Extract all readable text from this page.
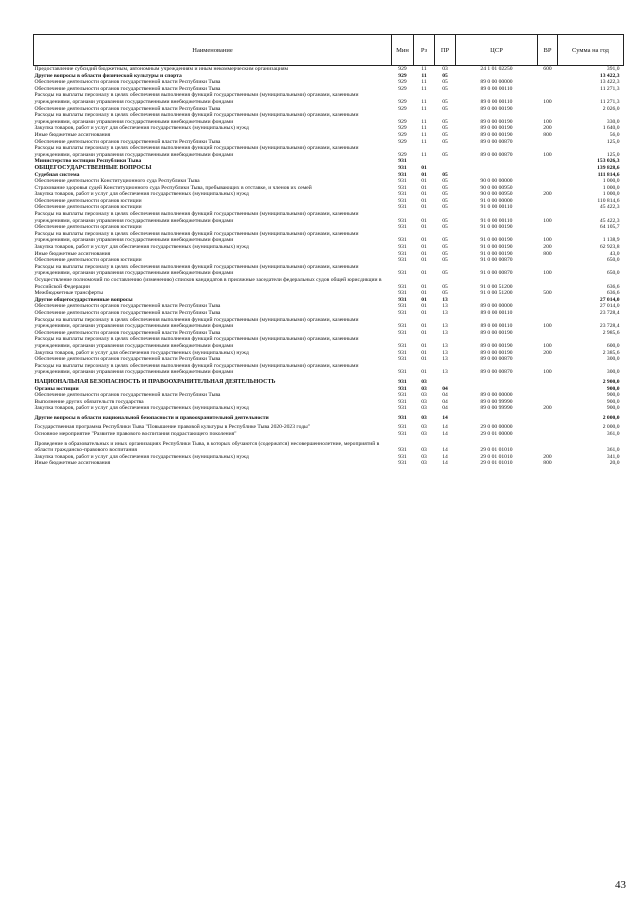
Наименование	Мин	Рз	ПР	ЦСР	ВР	Сумма на год
Предоставление субсидий бюджетным, автономным учреждениям и иным некоммерческим организациям	929	11	03	24 1 01 02250	600	391,0
Другие вопросы в области физической культуры и спорта	929	11	05			13 422,3
Обеспечение деятельности органов государственной власти Республики Тыва	929	11	05	89 0 00 00000		13 422,3
Обеспечение деятельности органов государственной власти Республики Тыва	929	11	05	89 0 00 00110		11 271,3
Расходы на выплаты персоналу в целях обеспечения выполнения функций государственными (муниципальными) органами, казенными учреждениями, органами управления государственными внебюджетными фондами	929	11	05	89 0 00 00110	100	11 271,3
Обеспечение деятельности органов государственной власти Республики Тыва	929	11	05	89 0 00 00190		2 026,0
Расходы на выплаты персоналу в целях обеспечения выполнения функций государственными (муниципальными) органами, казенными учреждениями, органами управления государственными внебюджетными фондами	929	11	05	89 0 00 00190	100	330,0
Закупка товаров, работ и услуг для обеспечения государственных (муниципальных) нужд	929	11	05	89 0 00 00190	200	1 640,0
Иные бюджетные ассигнования	929	11	05	89 0 00 00190	800	56,0
Обеспечение деятельности органов государственной власти Республики Тыва	929	11	05	89 0 00 00870		125,0
Расходы на выплаты персоналу в целях обеспечения выполнения функций государственными (муниципальными) органами, казенными учреждениями, органами управления государственными внебюджетными фондами	929	11	05	89 0 00 00870	100	125,0
Министерство юстиции Республики Тыва	931					153 026,3
ОБЩЕГОСУДАРСТВЕННЫЕ ВОПРОСЫ	931	01				139 828,6
Судебная система	931	01	05			111 814,6
Обеспечение деятельности Конституционного суда Республики Тыва	931	01	05	90 0 00 00000		1 000,0
Страхование здоровья судей Конституционного суда Республики Тыва, пребывающих в отставке, и членов их семей	931	01	05	90 0 00 00950		1 000,0
Закупка товаров, работ и услуг для обеспечения государственных (муниципальных) нужд	931	01	05	90 0 00 00950	200	1 000,0
Обеспечение деятельности органов юстиции	931	01	05	91 0 00 00000		110 814,6
Обеспечение деятельности органов юстиции	931	01	05	91 0 00 00110		45 422,3
Расходы на выплаты персоналу в целях обеспечения выполнения функций государственными (муниципальными) органами, казенными учреждениями, органами управления государственными внебюджетными фондами	931	01	05	91 0 00 00110	100	45 422,3
Обеспечение деятельности органов юстиции	931	01	05	91 0 00 00190		64 105,7
Расходы на выплаты персоналу в целях обеспечения выполнения функций государственными (муниципальными) органами, казенными учреждениями, органами управления государственными внебюджетными фондами	931	01	05	91 0 00 00190	100	1 138,9
Закупка товаров, работ и услуг для обеспечения государственных (муниципальных) нужд	931	01	05	91 0 00 00190	200	62 923,8
Иные бюджетные ассигнования	931	01	05	91 0 00 00190	800	43,0
Обеспечение деятельности органов юстиции	931	01	05	91 0 00 00870		650,0
Расходы на выплаты персоналу в целях обеспечения выполнения функций государственными (муниципальными) органами, казенными учреждениями, органами управления государственными внебюджетными фондами	931	01	05	91 0 00 00870	100	650,0
Осуществление полномочий по составлению (изменению) списков кандидатов в присяжные заседатели федеральных судов общей юрисдикции в Российской Федерации	931	01	05	91 0 00 51200		636,6
Межбюджетные трансферты	931	01	05	91 0 00 51200	500	636,6
Другие общегосударственные вопросы	931	01	13			27 014,0
Обеспечение деятельности органов государственной власти Республики Тыва	931	01	13	89 0 00 00000		27 014,0
Обеспечение деятельности органов государственной власти Республики Тыва	931	01	13	89 0 00 00110		23 728,4
Расходы на выплаты персоналу в целях обеспечения выполнения функций государственными (муниципальными) органами, казенными учреждениями, органами управления государственными внебюджетными фондами	931	01	13	89 0 00 00110	100	23 728,4
Обеспечение деятельности органов государственной власти Республики Тыва	931	01	13	89 0 00 00190		2 985,6
Расходы на выплаты персоналу в целях обеспечения выполнения функций государственными (муниципальными) органами, казенными учреждениями, органами управления государственными внебюджетными фондами	931	01	13	89 0 00 00190	100	600,0
Закупка товаров, работ и услуг для обеспечения государственных (муниципальных) нужд	931	01	13	89 0 00 00190	200	2 385,6
Обеспечение деятельности органов государственной власти Республики Тыва	931	01	13	89 0 00 00870		300,0
Расходы на выплаты персоналу в целях обеспечения выполнения функций государственными (муниципальными) органами, казенными учреждениями, органами управления государственными внебюджетными фондами	931	01	13	89 0 00 00870	100	300,0

НАЦИОНАЛЬНАЯ БЕЗОПАСНОСТЬ И ПРАВООХРАНИТЕЛЬНАЯ ДЕЯТЕЛЬНОСТЬ	931	03				2 900,0
Органы юстиции	931	03	04			900,0
Обеспечение деятельности органов государственной власти Республики Тыва	931	03	04	89 0 00 00000		900,0
Выполнение других обязательств государства	931	03	04	89 0 00 99990		900,0
Закупка товаров, работ и услуг для обеспечения государственных (муниципальных) нужд	931	03	04	89 0 00 99990	200	900,0

Другие вопросы в области национальной безопасности и правоохранительной деятельности	931	03	14			2 000,0

Государственная программа Республики Тыва "Повышение правовой культуры в Республике Тыва 2020-2023 годы"	931	03	14	29 0 00 00000		2 000,0
Основное мероприятие "Развитие правового воспитания подрастающего поколения"	931	03	14	29 0 01 00000		361,0

Проведение в образовательных и иных организациях Республики Тыва, в которых обучаются (содержатся) несовершеннолетние, мероприятий в области гражданско-правового воспитания	931	03	14	29 0 01 01010		361,0
Закупка товаров, работ и услуг для обеспечения государственных (муниципальных) нужд	931	03	14	29 0 01 01010	200	341,0
Иные бюджетные ассигнования	931	03	14	29 0 01 01010	800	20,0
43
